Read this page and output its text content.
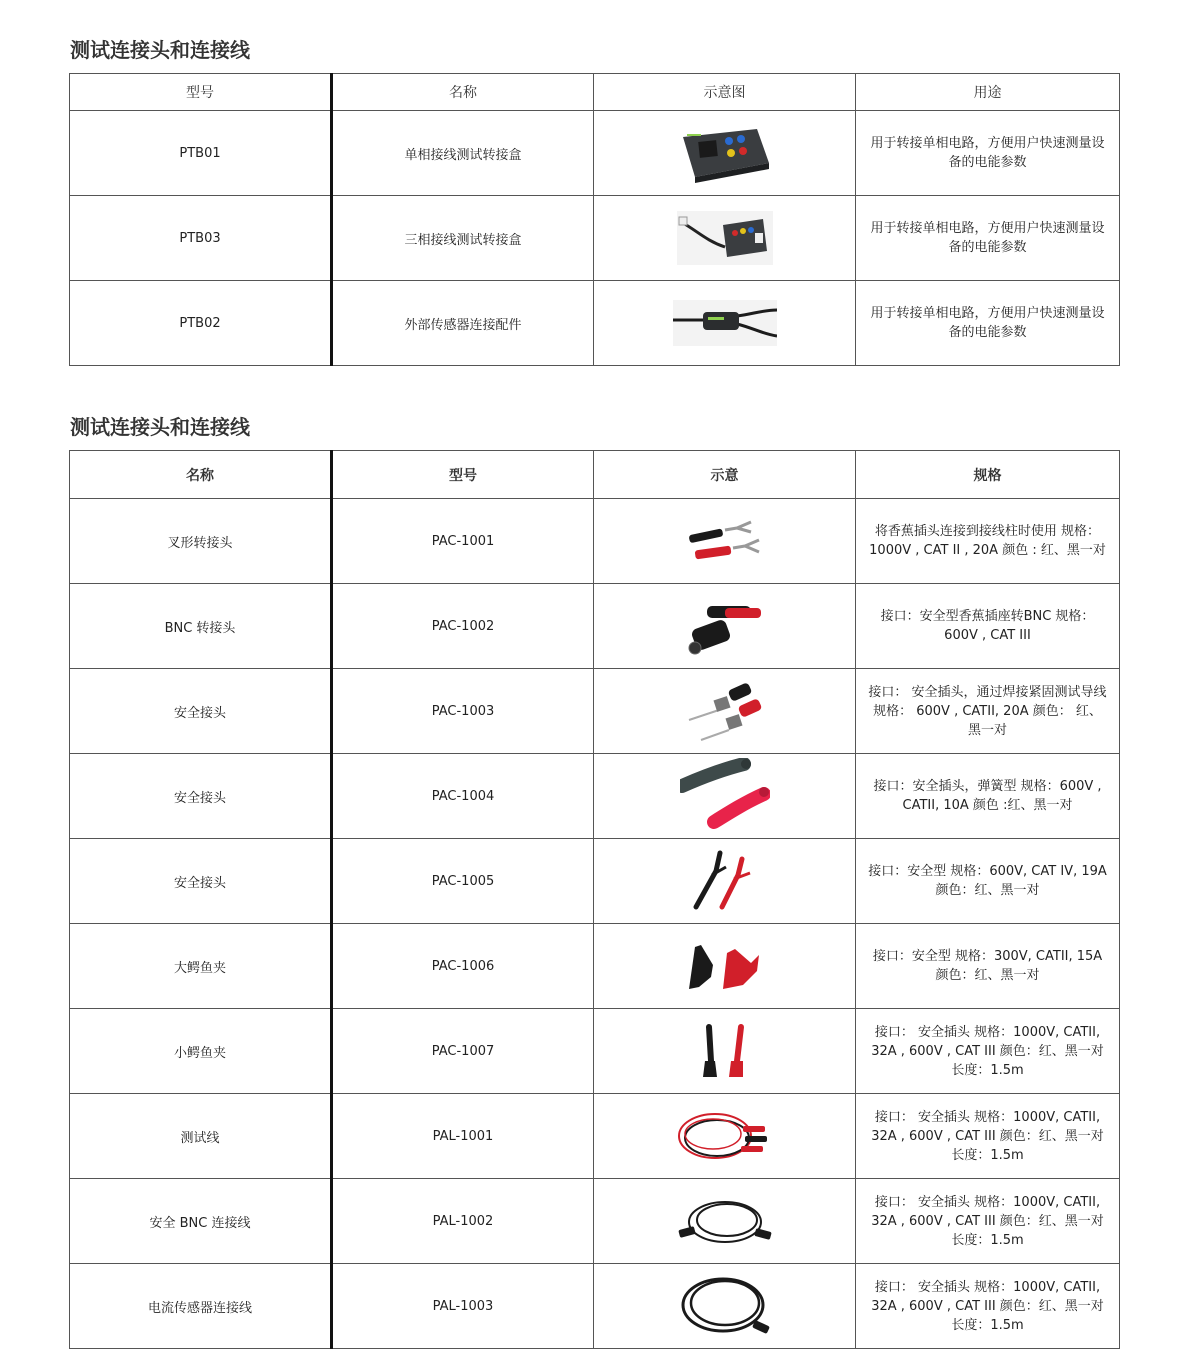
测试连接头和连接线
型号	名称	示意图	用途
PTB01	单相接线测试转接盒		用于转接单相电路，方便用户快速测量设备的电能参数
PTB03	三相接线测试转接盒		用于转接单相电路，方便用户快速测量设备的电能参数
PTB02	外部传感器连接配件		用于转接单相电路，方便用户快速测量设备的电能参数
测试连接头和连接线
名称	型号	示意	规格
叉形转接头	PAC-1001		将香蕉插头连接到接线柱时使用 规格：1000V , CAT II , 20A 颜色 : 红、黑一对
BNC 转接头	PAC-1002		接口：安全型香蕉插座转BNC 规格：600V , CAT III
安全接头	PAC-1003		接口： 安全插头，通过焊接紧固测试导线 规格： 600V , CATII, 20A 颜色： 红、黑一对
安全接头	PAC-1004		接口：安全插头，弹簧型 规格：600V , CATII, 10A 颜色 :红、黑一对
安全接头	PAC-1005		接口：安全型 规格：600V, CAT IV, 19A 颜色：红、黑一对
大鳄鱼夹	PAC-1006		接口：安全型 规格：300V, CATII, 15A 颜色：红、黑一对
小鳄鱼夹	PAC-1007		接口： 安全插头 规格：1000V, CATII, 32A , 600V , CAT III 颜色：红、黑一对 长度：1.5m
测试线	PAL-1001		接口： 安全插头 规格：1000V, CATII, 32A , 600V , CAT III 颜色：红、黑一对 长度：1.5m
安全 BNC 连接线	PAL-1002		接口： 安全插头 规格：1000V, CATII, 32A , 600V , CAT III 颜色：红、黑一对 长度：1.5m
电流传感器连接线	PAL-1003		接口： 安全插头 规格：1000V, CATII, 32A , 600V , CAT III 颜色：红、黑一对 长度：1.5m
